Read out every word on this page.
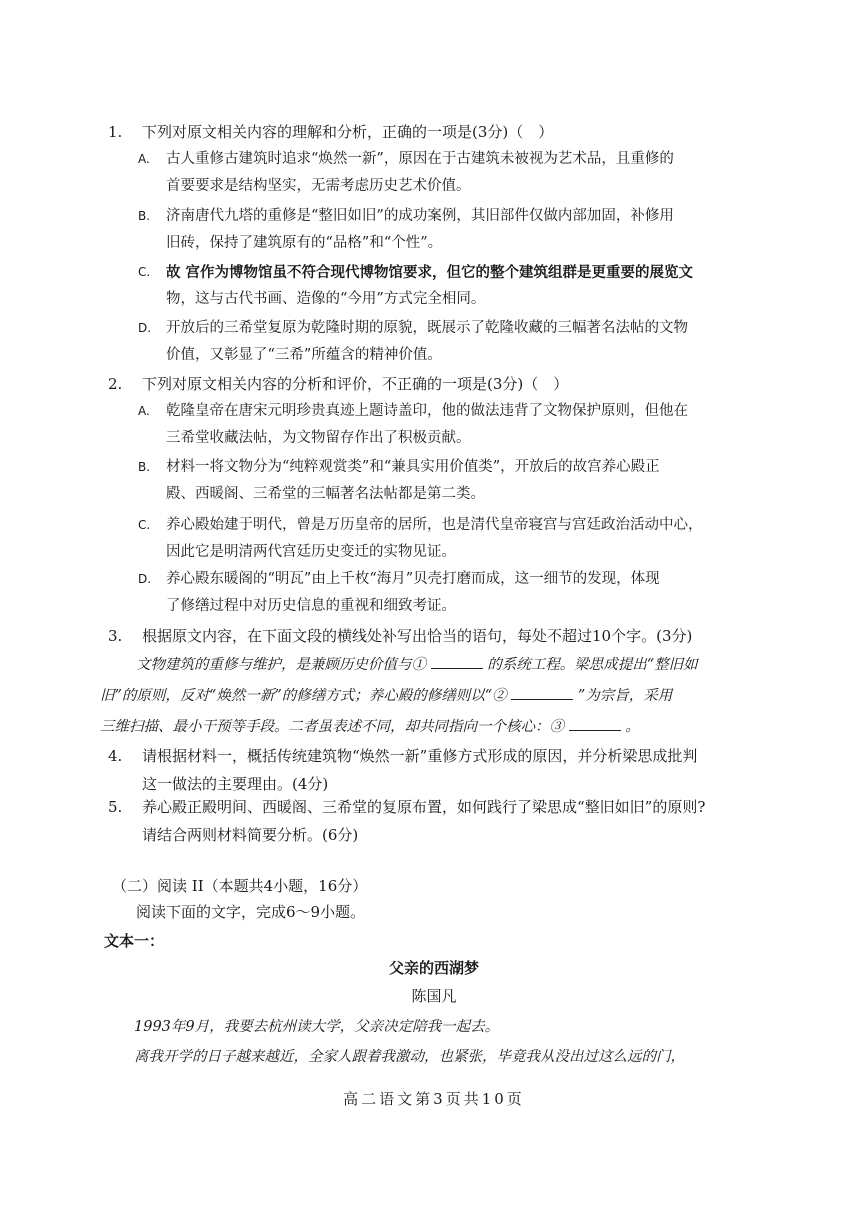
1.	下列对原文相关内容的理解和分析，正确的一项是(3分)（　）
A.	古人重修古建筑时追求“焕然一新”，原因在于古建筑未被视为艺术品，且重修的
首要要求是结构坚实，无需考虑历史艺术价值。
B.	济南唐代九塔的重修是“整旧如旧”的成功案例，其旧部件仅做内部加固，补修用
旧砖，保持了建筑原有的“品格”和“个性”。
C.	故 宫作为博物馆虽不符合现代博物馆要求，但它的整个建筑组群是更重要的展览文
物，这与古代书画、造像的“今用”方式完全相同。
D.	开放后的三希堂复原为乾隆时期的原貌，既展示了乾隆收藏的三幅著名法帖的文物
价值，又彰显了“三希”所蕴含的精神价值。
2.	下列对原文相关内容的分析和评价，不正确的一项是(3分)（　）
A.	乾隆皇帝在唐宋元明珍贵真迹上题诗盖印，他的做法违背了文物保护原则，但他在
三希堂收藏法帖，为文物留存作出了积极贡献。
B.	材料一将文物分为“纯粹观赏类”和“兼具实用价值类”，开放后的故宫养心殿正
殿、西暖阁、三希堂的三幅著名法帖都是第二类。
C.	养心殿始建于明代，曾是万历皇帝的居所，也是清代皇帝寝宫与宫廷政治活动中心，
因此它是明清两代宫廷历史变迁的实物见证。
D.	养心殿东暖阁的“明瓦”由上千枚“海月”贝壳打磨而成，这一细节的发现，体现
了修缮过程中对历史信息的重视和细致考证。
3.	根据原文内容，在下面文段的横线处补写出恰当的语句，每处不超过10个字。(3分)
文物建筑的重修与维护，是兼顾历史价值与①	的系统工程。梁思成提出“整旧如
旧”的原则，反对“焕然一新”的修缮方式；养心殿的修缮则以“②	”为宗旨，采用
三维扫描、最小干预等手段。二者虽表述不同，却共同指向一个核心：③	。
4.	请根据材料一，概括传统建筑物“焕然一新”重修方式形成的原因，并分析梁思成批判
这一做法的主要理由。(4分)
5.	养心殿正殿明间、西暖阁、三希堂的复原布置，如何践行了梁思成“整旧如旧”的原则?
请结合两则材料简要分析。(6分)
（二）阅读 II（本题共4小题，16分）
阅读下面的文字，完成6～9小题。
文本一：
父亲的西湖梦
陈国凡
1993年9月，我要去杭州读大学，父亲决定陪我一起去。
离我开学的日子越来越近，全家人跟着我激动，也紧张，毕竟我从没出过这么远的门，
高二语文第3页共10页
